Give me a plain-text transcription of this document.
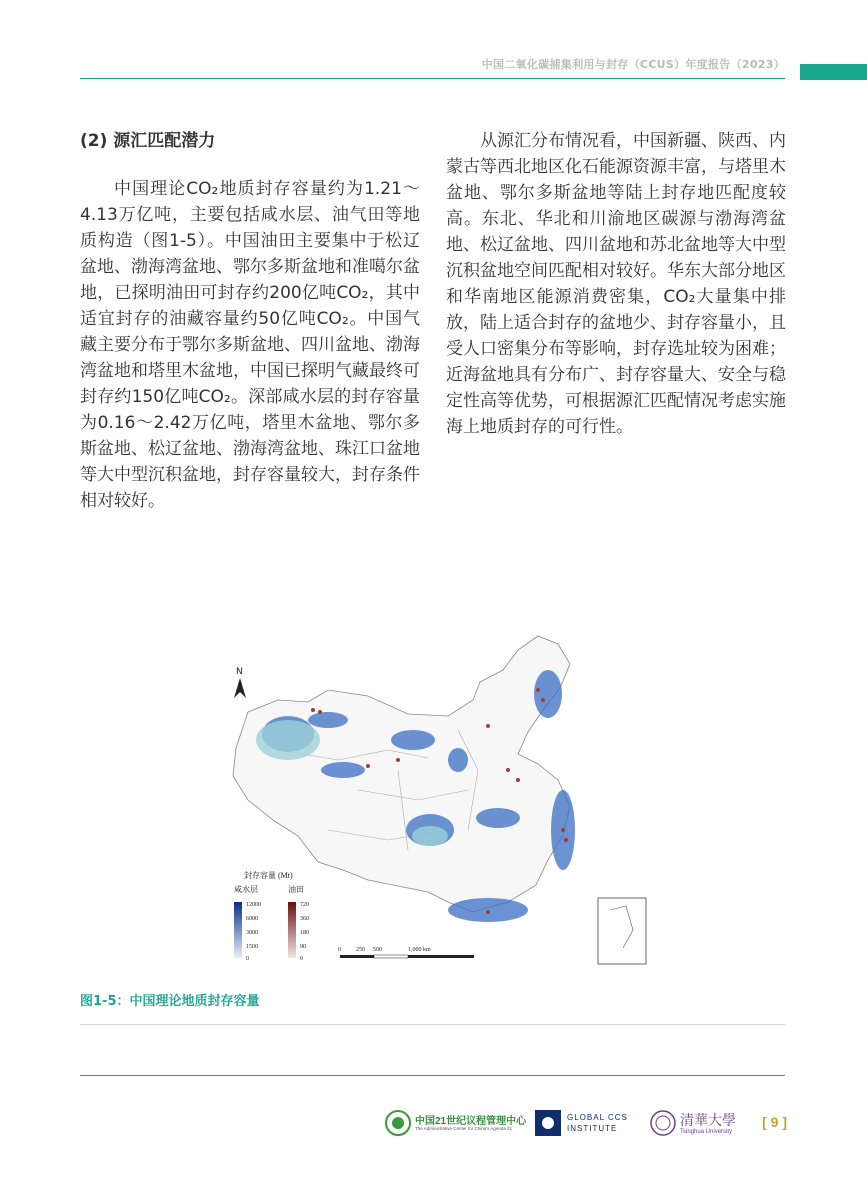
中国二氧化碳捕集利用与封存（CCUS）年度报告（2023）

(2) 源汇匹配潜力

中国理论CO₂地质封存容量约为1.21～4.13万亿吨，主要包括咸水层、油气田等地质构造（图1-5）。中国油田主要集中于松辽盆地、渤海湾盆地、鄂尔多斯盆地和准噶尔盆地，已探明油田可封存约200亿吨CO₂，其中适宜封存的油藏容量约50亿吨CO₂。中国气藏主要分布于鄂尔多斯盆地、四川盆地、渤海湾盆地和塔里木盆地，中国已探明气藏最终可封存约150亿吨CO₂。深部咸水层的封存容量为0.16～2.42万亿吨，塔里木盆地、鄂尔多斯盆地、松辽盆地、渤海湾盆地、珠江口盆地等大中型沉积盆地，封存容量较大，封存条件相对较好。

从源汇分布情况看，中国新疆、陕西、内蒙古等西北地区化石能源资源丰富，与塔里木盆地、鄂尔多斯盆地等陆上封存地匹配度较高。东北、华北和川渝地区碳源与渤海湾盆地、松辽盆地、四川盆地和苏北盆地等大中型沉积盆地空间匹配相对较好。华东大部分地区和华南地区能源消费密集，CO₂大量集中排放，陆上适合封存的盆地少、封存容量小，且受人口密集分布等影响，封存选址较为困难；近海盆地具有分布广、封存容量大、安全与稳定性高等优势，可根据源汇匹配情况考虑实施海上地质封存的可行性。

N
封存容量 (Mt)
咸水层	油田
12000
6000
3000
1500
0
720
360
180
90
0
0	250 500	1,000 km
图1-5：中国理论地质封存容量
中国21世纪议程管理中心
The Administrative Center for China's Agenda 21
GLOBAL CCS
INSTITUTE	清華大學
Tsinghua University
[ 9 ]
